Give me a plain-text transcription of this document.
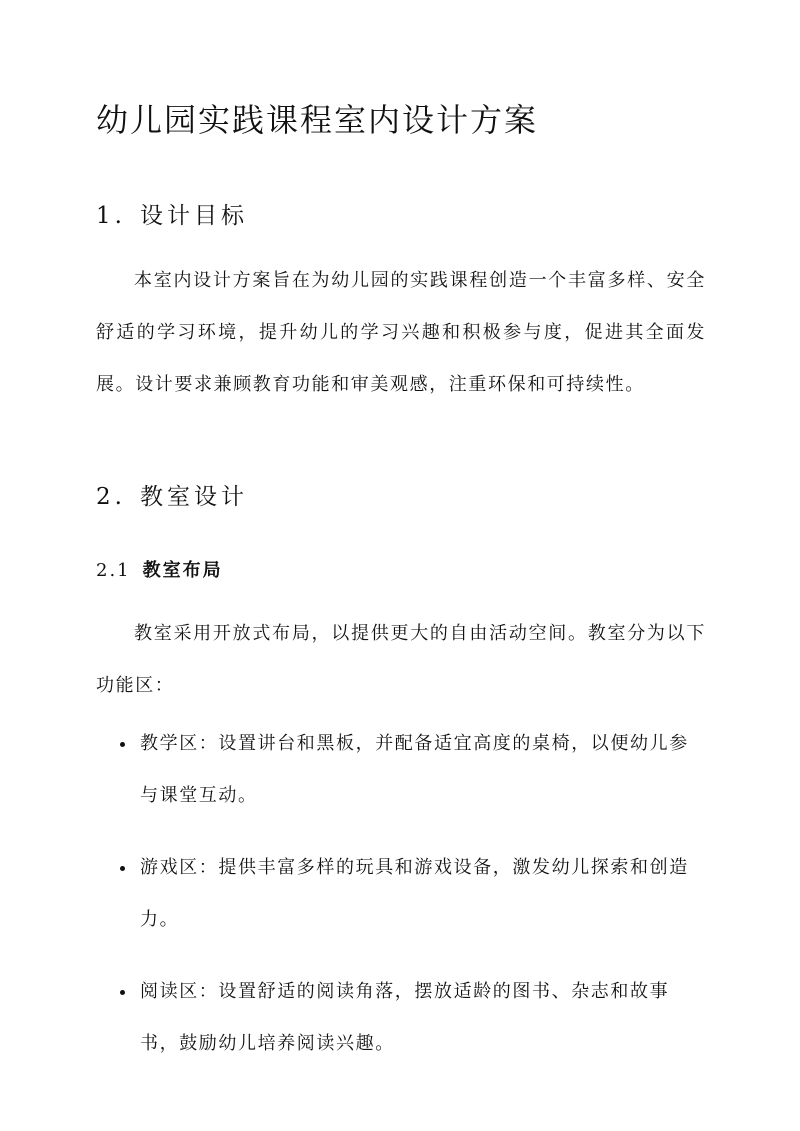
幼儿园实践课程室内设计方案
1. 设计目标

本室内设计方案旨在为幼儿园的实践课程创造一个丰富多样、安全舒适的学习环境，提升幼儿的学习兴趣和积极参与度，促进其全面发展。设计要求兼顾教育功能和审美观感，注重环保和可持续性。

2. 教室设计
2.1 教室布局

教室采用开放式布局，以提供更大的自由活动空间。教室分为以下功能区：

教学区：设置讲台和黑板，并配备适宜高度的桌椅，以便幼儿参与课堂互动。
游戏区：提供丰富多样的玩具和游戏设备，激发幼儿探索和创造力。
阅读区：设置舒适的阅读角落，摆放适龄的图书、杂志和故事书，鼓励幼儿培养阅读兴趣。
